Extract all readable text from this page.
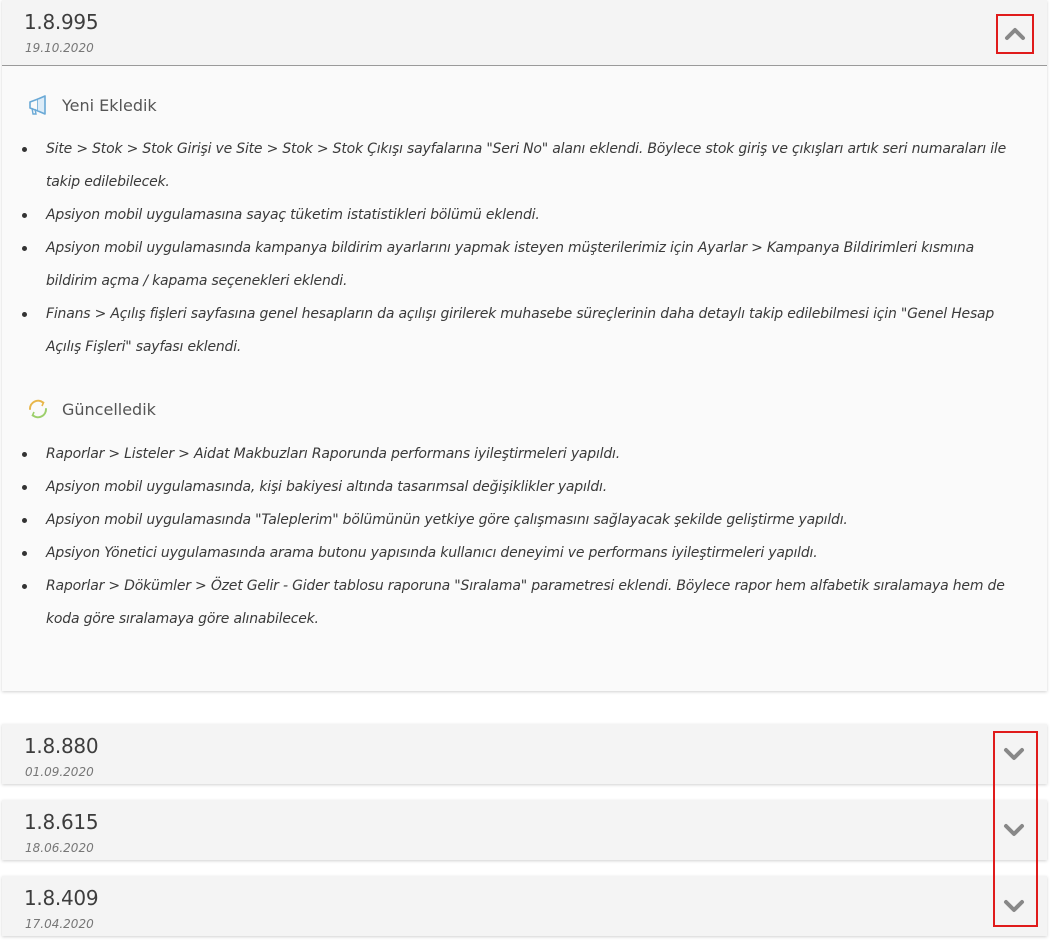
1.8.995
19.10.2020
Yeni Ekledik
Site > Stok > Stok Girişi ve Site > Stok > Stok Çıkışı sayfalarına "Seri No" alanı eklendi. Böylece stok giriş ve çıkışları artık seri numaraları ile takip edilebilecek.
Apsiyon mobil uygulamasına sayaç tüketim istatistikleri bölümü eklendi.
Apsiyon mobil uygulamasında kampanya bildirim ayarlarını yapmak isteyen müşterilerimiz için Ayarlar > Kampanya Bildirimleri kısmına bildirim açma / kapama seçenekleri eklendi.
Finans > Açılış fişleri sayfasına genel hesapların da açılışı girilerek muhasebe süreçlerinin daha detaylı takip edilebilmesi için "Genel Hesap Açılış Fişleri" sayfası eklendi.
Güncelledik
Raporlar > Listeler > Aidat Makbuzları Raporunda performans iyileştirmeleri yapıldı.
Apsiyon mobil uygulamasında, kişi bakiyesi altında tasarımsal değişiklikler yapıldı.
Apsiyon mobil uygulamasında "Taleplerim" bölümünün yetkiye göre çalışmasını sağlayacak şekilde geliştirme yapıldı.
Apsiyon Yönetici uygulamasında arama butonu yapısında kullanıcı deneyimi ve performans iyileştirmeleri yapıldı.
Raporlar > Dökümler > Özet Gelir - Gider tablosu raporuna "Sıralama" parametresi eklendi. Böylece rapor hem alfabetik sıralamaya hem de koda göre sıralamaya göre alınabilecek.
1.8.880
01.09.2020
1.8.615
18.06.2020
1.8.409
17.04.2020
